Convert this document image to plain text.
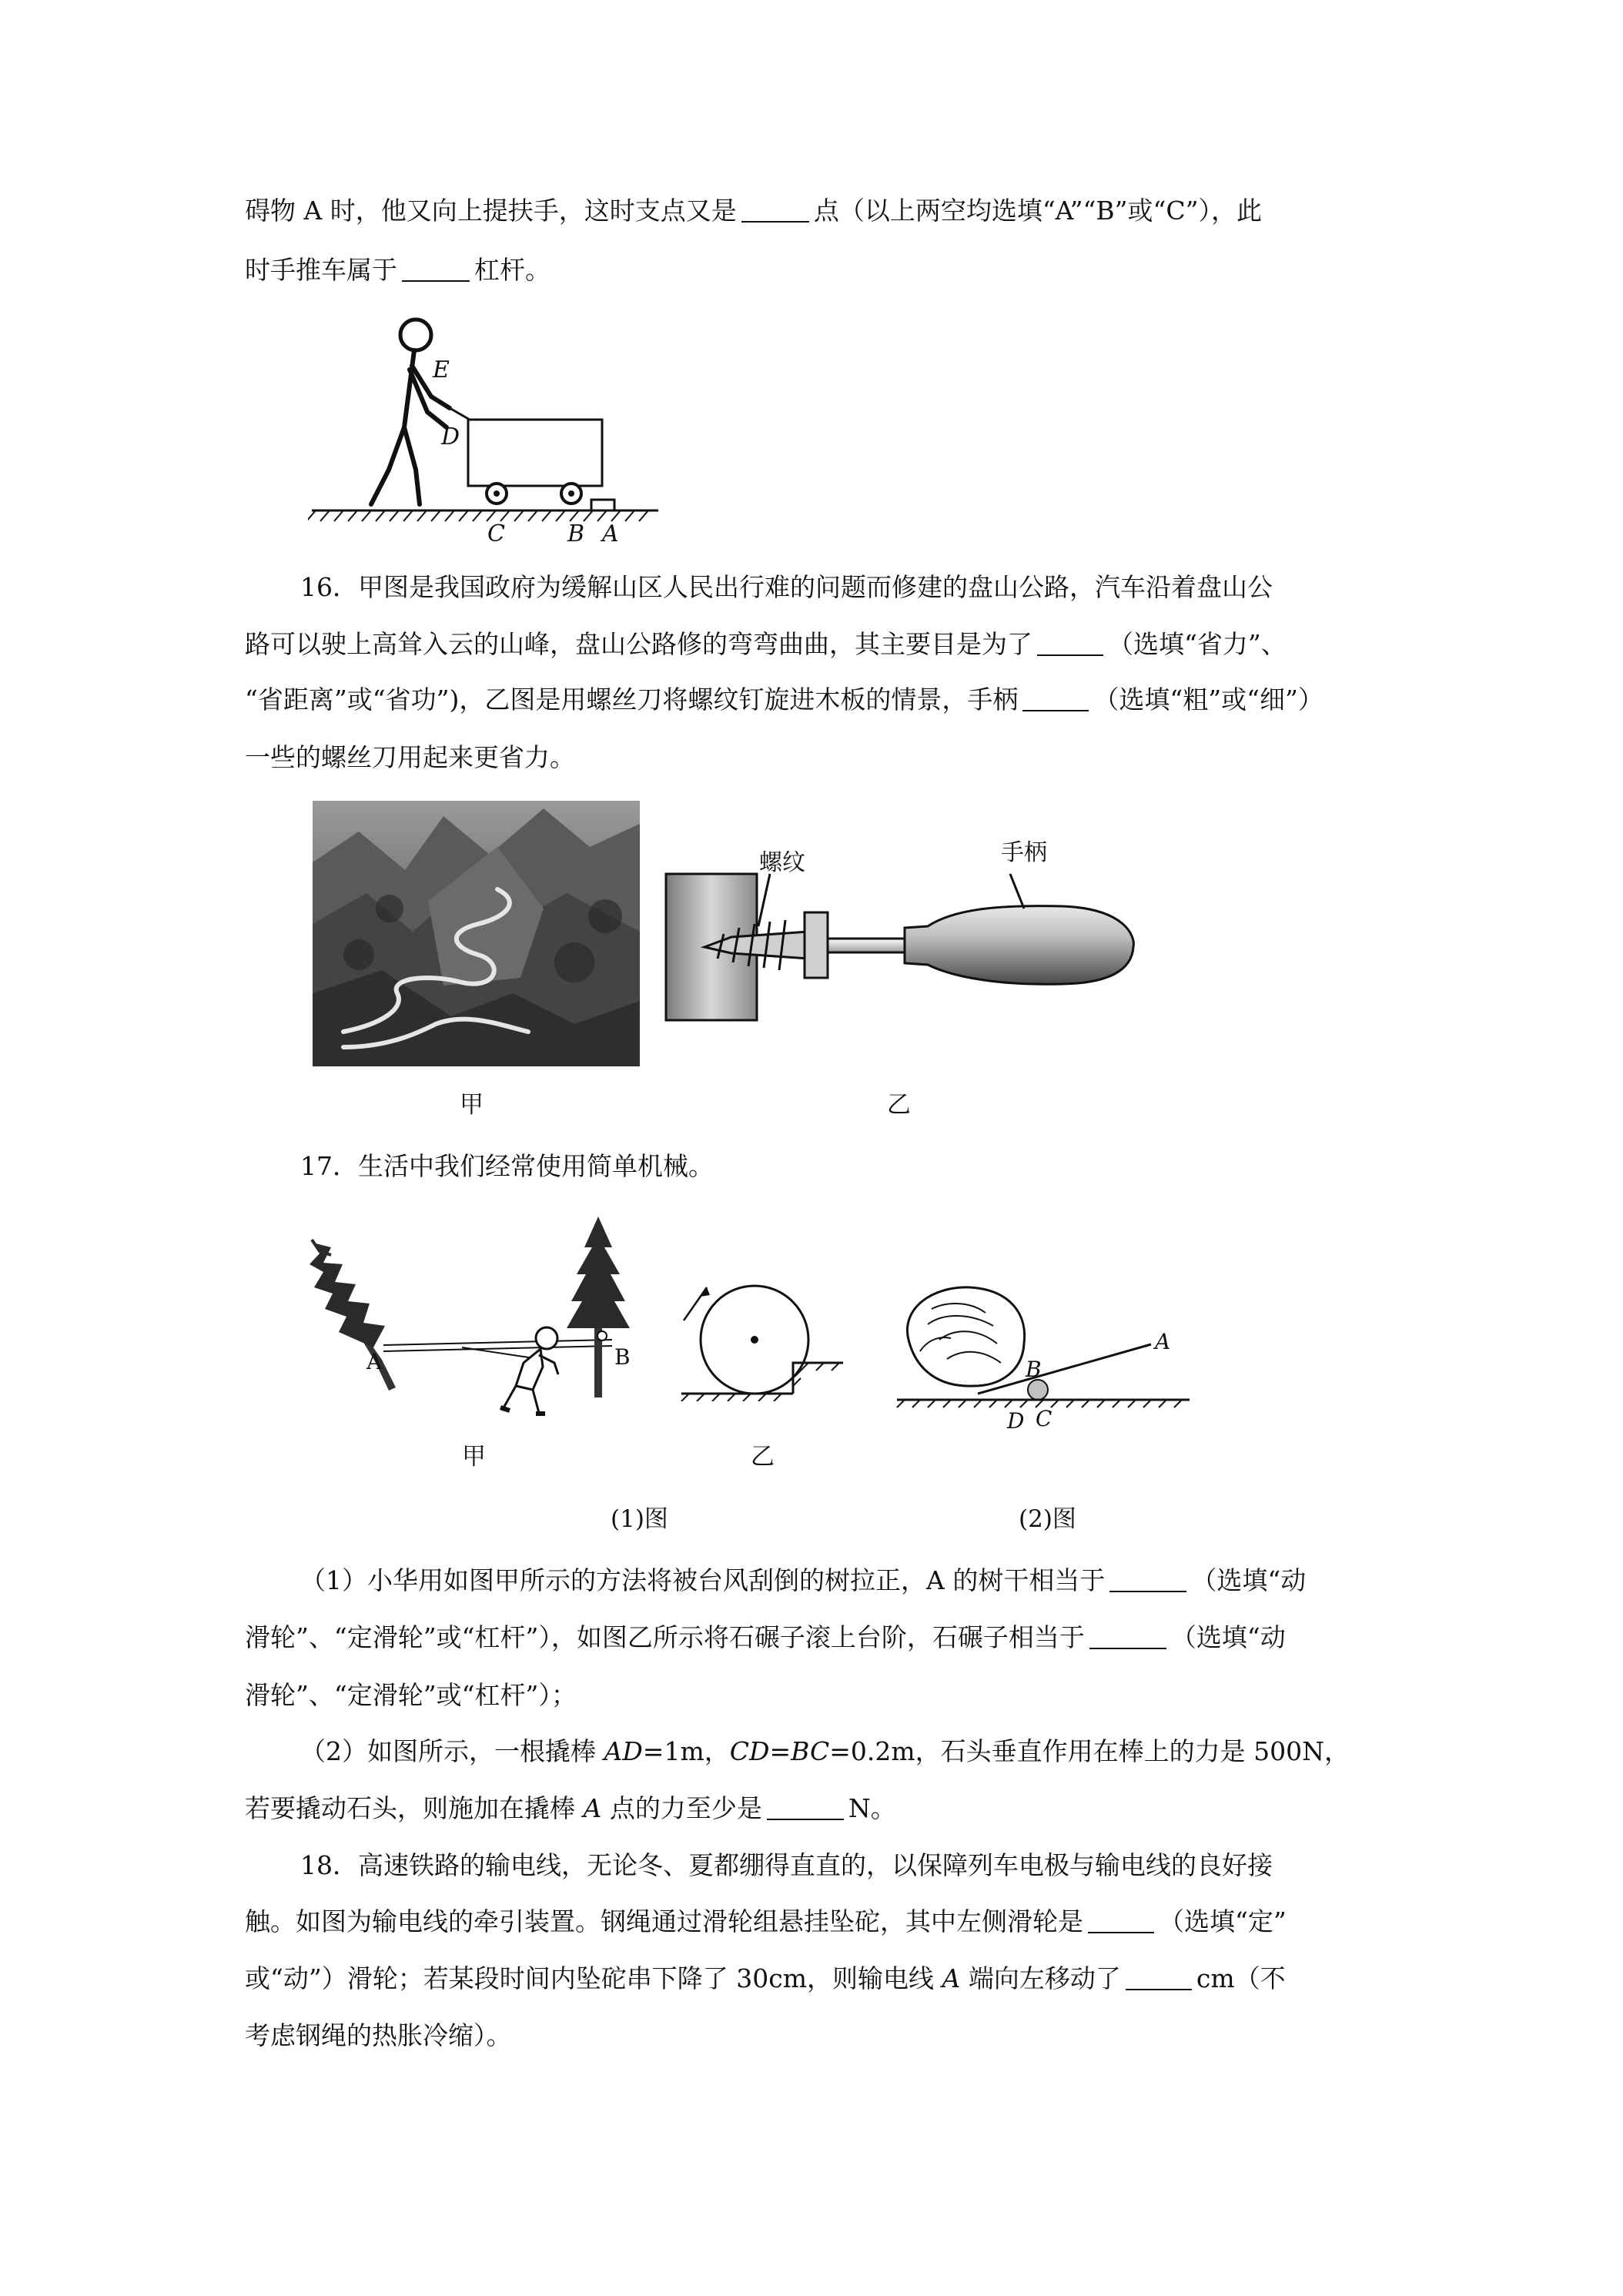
碍物 A 时，他又向上提扶手，这时支点又是	点（以上两空均选填“A”“B”或“C”），此
时手推车属于	杠杆。
E
D
C	B A
16．甲图是我国政府为缓解山区人民出行难的问题而修建的盘山公路，汽车沿着盘山公
路可以驶上高耸入云的山峰，盘山公路修的弯弯曲曲，其主要目是为了	（选填“省力”、
“省距离”或“省功”)，乙图是用螺丝刀将螺纹钉旋进木板的情景，手柄	（选填“粗”或“细”）
一些的螺丝刀用起来更省力。
螺纹	手柄
甲	乙
17．生活中我们经常使用简单机械。
A	B
A
B
D C
甲	乙
(1)图	(2)图
（1）小华用如图甲所示的方法将被台风刮倒的树拉正，A 的树干相当于	（选填“动
滑轮”、“定滑轮”或“杠杆”），如图乙所示将石碾子滚上台阶，石碾子相当于	（选填“动
滑轮”、“定滑轮”或“杠杆”）；
（2）如图所示，一根撬棒 AD=1m，CD=BC=0.2m，石头垂直作用在棒上的力是 500N，
若要撬动石头，则施加在撬棒 A 点的力至少是	N。
18．高速铁路的输电线，无论冬、夏都绷得直直的，以保障列车电极与输电线的良好接
触。如图为输电线的牵引装置。钢绳通过滑轮组悬挂坠砣，其中左侧滑轮是	（选填“定”
或“动”）滑轮；若某段时间内坠砣串下降了 30cm，则输电线 A 端向左移动了	cm（不
考虑钢绳的热胀冷缩）。
